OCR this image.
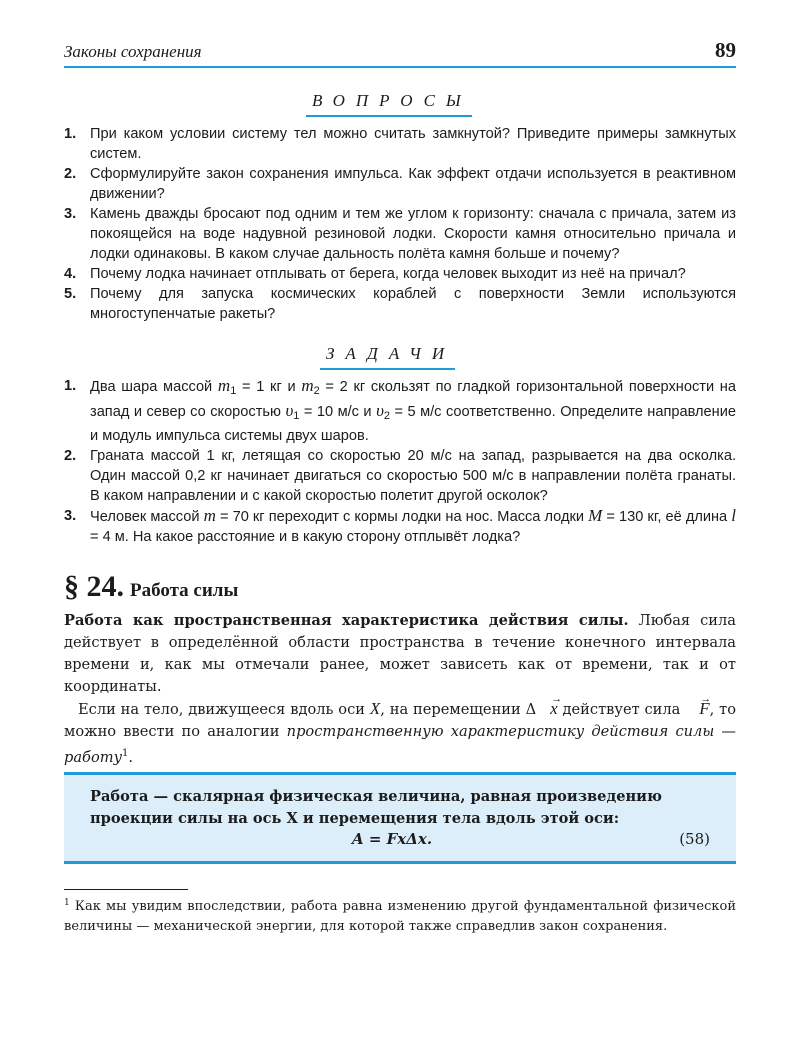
Законы сохранения	89
ВОПРОСЫ
1. При каком условии систему тел можно считать замкнутой? Приведите примеры замкнутых систем.
2. Сформулируйте закон сохранения импульса. Как эффект отдачи используется в реактивном движении?
3. Камень дважды бросают под одним и тем же углом к горизонту: сначала с причала, затем из покоящейся на воде надувной резиновой лодки. Скорости камня относительно причала и лодки одинаковы. В каком случае дальность полёта камня больше и почему?
4. Почему лодка начинает отплывать от берега, когда человек выходит из неё на причал?
5. Почему для запуска космических кораблей с поверхности Земли используются многоступенчатые ракеты?
ЗАДАЧИ
1. Два шара массой $m_1 = 1$ кг и $m_2 = 2$ кг скользят по гладкой горизонтальной поверхности на запад и север со скоростью $\upsilon_1 = 10$ м/с и $\upsilon_2 = 5$ м/с соответственно. Определите направление и модуль импульса системы двух шаров.
2. Граната массой 1 кг, летящая со скоростью 20 м/с на запад, разрывается на два осколка. Один массой 0,2 кг начинает двигаться со скоростью 500 м/с в направлении полёта гранаты. В каком направлении и с какой скоростью полетит другой осколок?
3. Человек массой m = 70 кг переходит с кормы лодки на нос. Масса лодки M = 130 кг, её длина l = 4 м. На какое расстояние и в какую сторону отплывёт лодка?
§ 24. Работа силы
Работа как пространственная характеристика действия силы. Любая сила действует в определённой области пространства в течение конечного интервала времени и, как мы отмечали ранее, может зависеть как от времени, так и от координаты.
Если на тело, движущееся вдоль оси X, на перемещении Δ→ x действует сила → F, то можно ввести по аналогии пространственную характеристику действия силы — работу$^1$.
Работа — скалярная физическая величина, равная произведению проекции силы на ось X и перемещения тела вдоль этой оси:
A = FxΔx.	(58)
$^1$ Как мы увидим впоследствии, работа равна изменению другой фундаментальной физической величины — механической энергии, для которой также справедлив закон сохранения.
